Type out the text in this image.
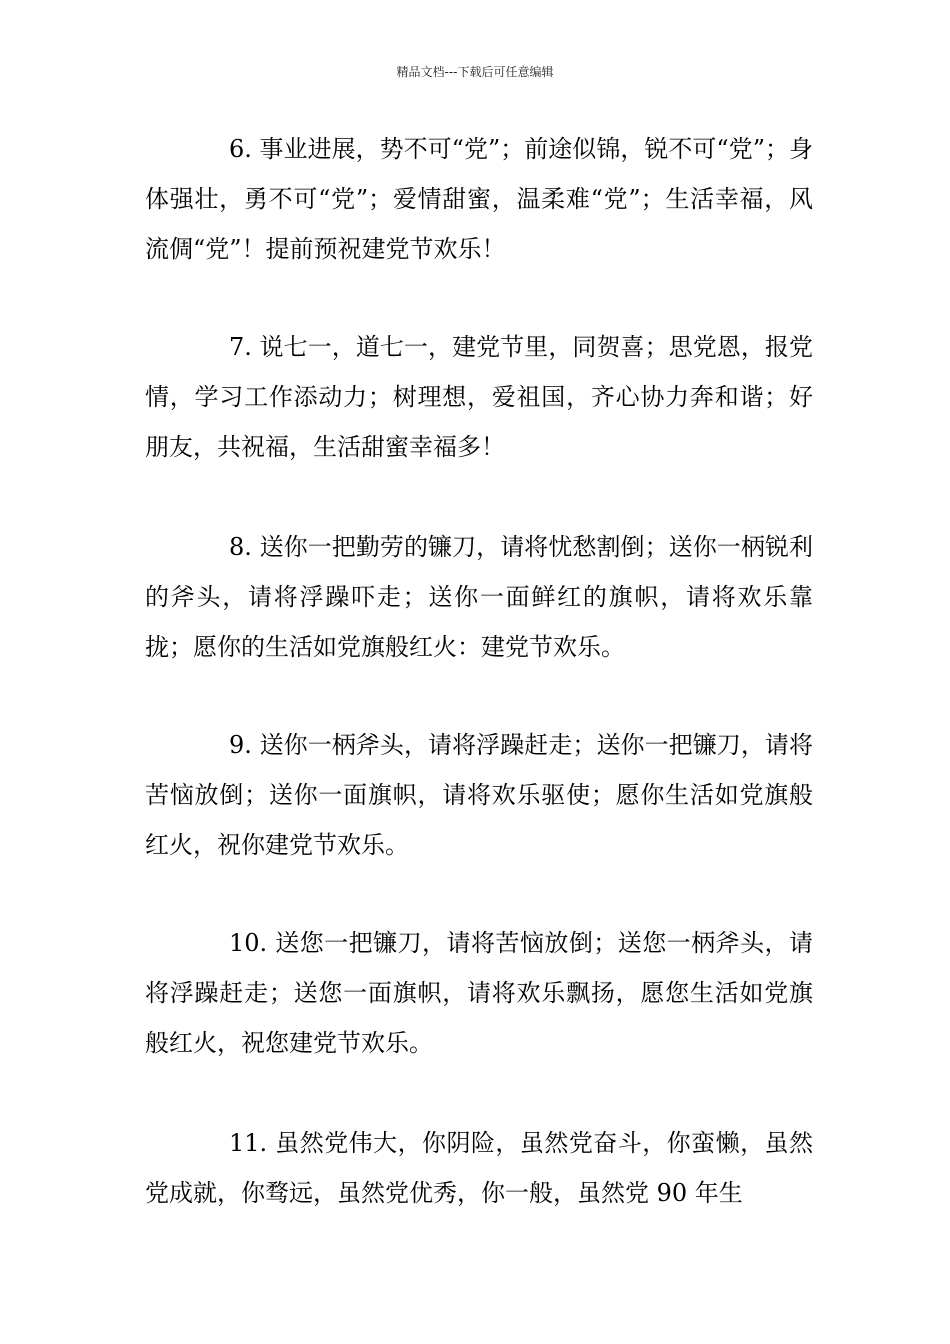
精品文档---下载后可任意编辑

6. 事业进展，势不可“党”；前途似锦，锐不可“党”；身体强壮，勇不可“党”；爱情甜蜜，温柔难“党”；生活幸福，风流倜“党”！提前预祝建党节欢乐！

7. 说七一，道七一，建党节里，同贺喜；思党恩，报党情，学习工作添动力；树理想，爱祖国，齐心协力奔和谐；好朋友，共祝福，生活甜蜜幸福多！

8. 送你一把勤劳的镰刀，请将忧愁割倒；送你一柄锐利的斧头，请将浮躁吓走；送你一面鲜红的旗帜，请将欢乐靠拢；愿你的生活如党旗般红火：建党节欢乐。

9. 送你一柄斧头，请将浮躁赶走；送你一把镰刀，请将苦恼放倒；送你一面旗帜，请将欢乐驱使；愿你生活如党旗般红火，祝你建党节欢乐。

10. 送您一把镰刀，请将苦恼放倒；送您一柄斧头，请将浮躁赶走；送您一面旗帜，请将欢乐飘扬，愿您生活如党旗般红火，祝您建党节欢乐。

11. 虽然党伟大，你阴险，虽然党奋斗，你蛮懒，虽然党成就，你骛远，虽然党优秀，你一般，虽然党 90 年生
